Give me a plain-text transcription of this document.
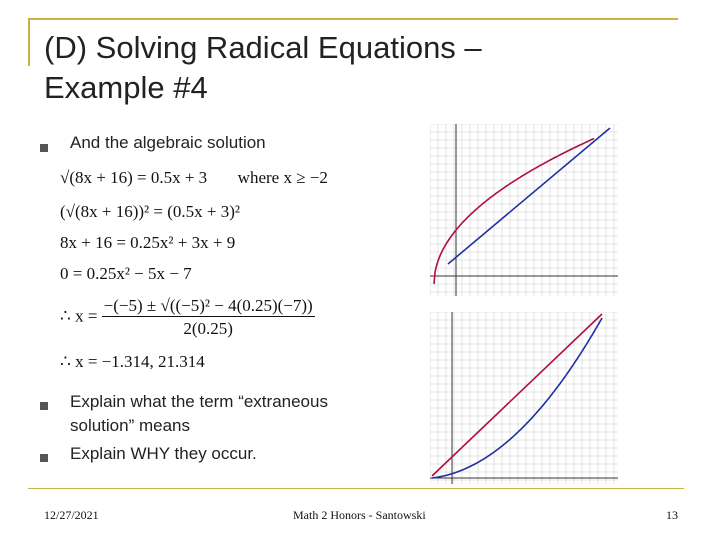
(D) Solving Radical Equations – Example #4
And the algebraic solution
√(8x + 16) = 0.5x + 3 where x ≥ −2
(√(8x + 16))² = (0.5x + 3)²
8x + 16 = 0.25x² + 3x + 9
0 = 0.25x² − 5x − 7
∴ $x = \frac{\text{−(−5) ± √((−5)² − 4(0.25)(−7))}}{2(0.25)}$
∴ x = −1.314, 21.314
Explain what the term “extraneous solution” means
Explain WHY they occur.
12/27/2021	Math 2 Honors - Santowski	13
